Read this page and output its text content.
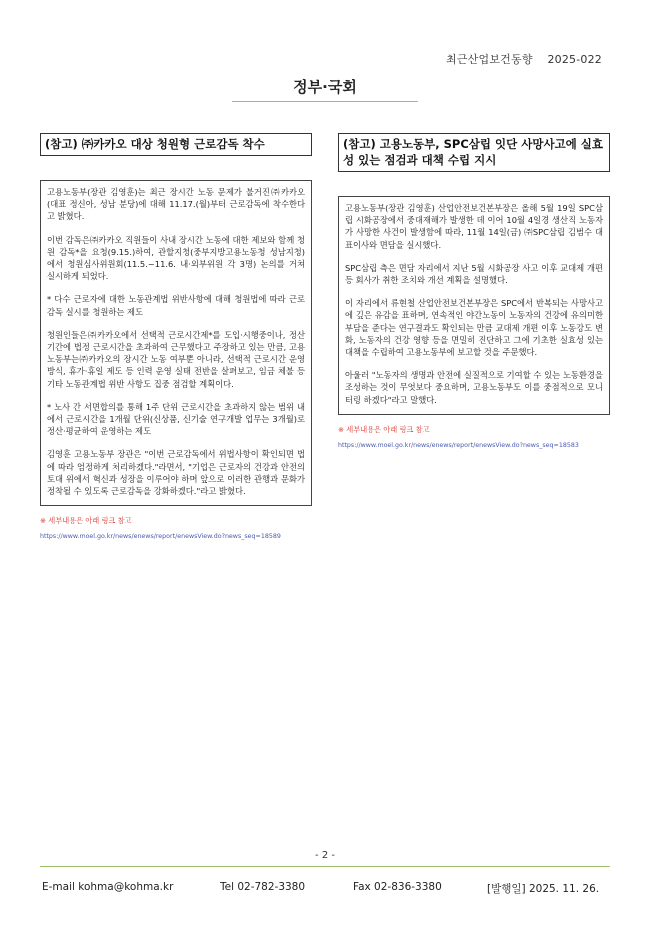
최근산업보건동향 2025-022
정부·국회
(참고) ㈜카카오 대상 청원형 근로감독 착수

고용노동부(장관 김영훈)는 최근 장시간 노동 문제가 불거진㈜카카오(대표 정신아, 성남 분당)에 대해 11.17.(월)부터 근로감독에 착수한다고 밝혔다.

이번 감독은㈜카카오 직원들이 사내 장시간 노동에 대한 제보와 함께 청원 감독*을 요청(9.15.)하여, 관할지청(중부지방고용노동청 성남지청)에서 청원심사위원회(11.5.~11.6. 내·외부위원 각 3명) 논의를 거쳐 실시하게 되었다.

* 다수 근로자에 대한 노동관계법 위반사항에 대해 청원법에 따라 근로감독 실시를 청원하는 제도

청원인들은㈜카카오에서 선택적 근로시간제*를 도입·시행중이나, 정산 기간에 법정 근로시간을 초과하여 근무했다고 주장하고 있는 만큼, 고용노동부는㈜카카오의 장시간 노동 여부뿐 아니라, 선택적 근로시간 운영 방식, 휴가·휴일 제도 등 인력 운영 실태 전반을 살펴보고, 임금 체불 등 기타 노동관계법 위반 사항도 집중 점검할 계획이다.

* 노사 간 서면합의를 통해 1주 단위 근로시간을 초과하지 않는 범위 내에서 근로시간을 1개월 단위(신상품, 신기술 연구개발 업무는 3개월)로 정산·평균하여 운영하는 제도

김영훈 고용노동부 장관은 "이번 근로감독에서 위법사항이 확인되면 법에 따라 엄정하게 처리하겠다."라면서, "기업은 근로자의 건강과 안전의 토대 위에서 혁신과 성장을 이루어야 하며 앞으로 이러한 관행과 문화가 정착될 수 있도록 근로감독을 강화하겠다."라고 밝혔다.

※ 세부내용은 아래 링크 참고
https://www.moel.go.kr/news/enews/report/enewsView.do?news_seq=18589
(참고) 고용노동부, SPC삼립 잇단 사망사고에 실효성 있는 점검과 대책 수립 지시

고용노동부(장관 김영훈) 산업안전보건본부장은 올해 5월 19일 SPC삼립 시화공장에서 중대재해가 발생한 데 이어 10월 4일경 생산직 노동자가 사망한 사건이 발생함에 따라, 11월 14일(금) ㈜SPC삼립 김범수 대표이사와 면담을 실시했다.

SPC삼립 측은 면담 자리에서 지난 5월 시화공장 사고 이후 교대제 개편 등 회사가 취한 조치와 개선 계획을 설명했다.

이 자리에서 류현철 산업안전보건본부장은 SPC에서 반복되는 사망사고에 깊은 유감을 표하며, 연속적인 야간노동이 노동자의 건강에 유의미한 부담을 준다는 연구결과도 확인되는 만큼 교대제 개편 이후 노동강도 변화, 노동자의 건강 영향 등을 면밀히 진단하고 그에 기초한 실효성 있는 대책을 수립하여 고용노동부에 보고할 것을 주문했다.

아울러 "노동자의 생명과 안전에 실질적으로 기여할 수 있는 노동환경을 조성하는 것이 무엇보다 중요하며, 고용노동부도 이를 중점적으로 모니터링 하겠다"라고 말했다.

※ 세부내용은 아래 링크 참고
https://www.moel.go.kr/news/enews/report/enewsView.do?news_seq=18583
- 2 -
E-mail kohma@kohma.kr	Tel 02-782-3380	Fax 02-836-3380	[발행일] 2025. 11. 26.
